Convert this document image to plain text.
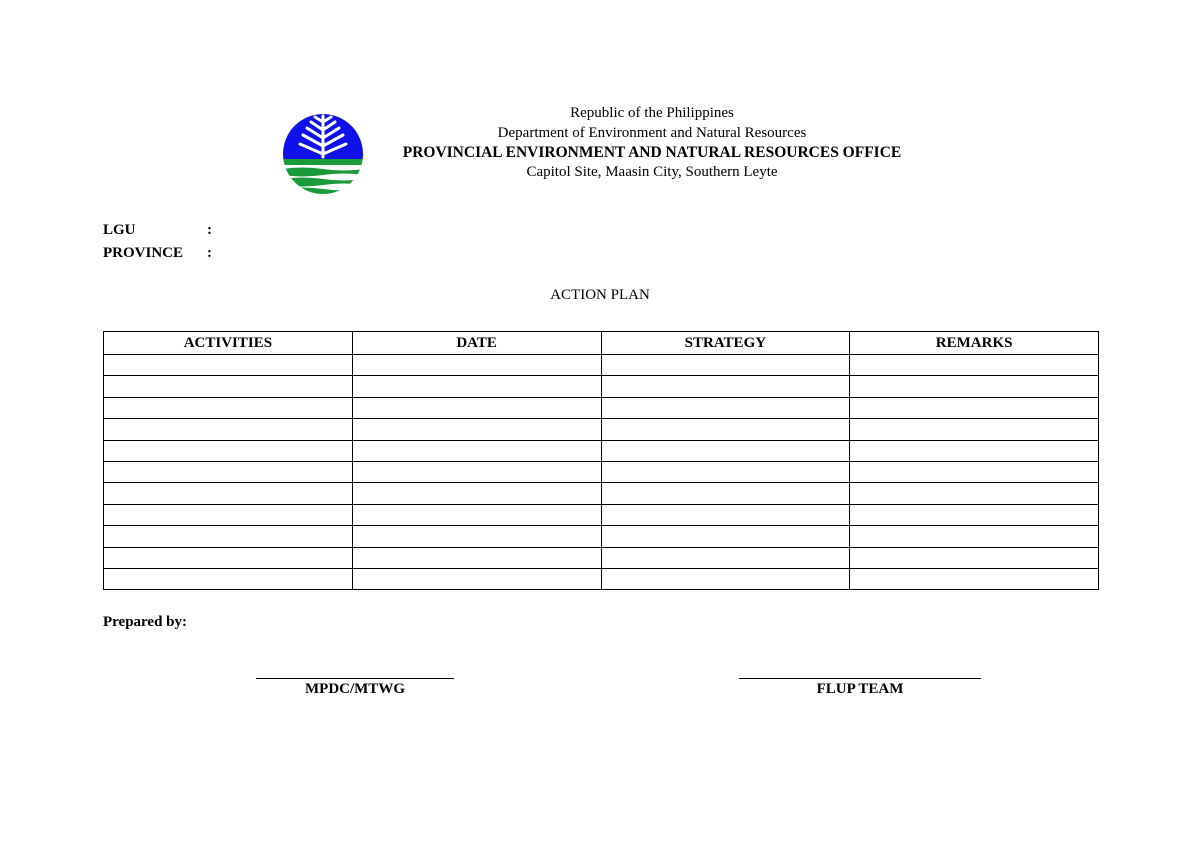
Republic of the Philippines
Department of Environment and Natural Resources
PROVINCIAL ENVIRONMENT AND NATURAL RESOURCES OFFICE
Capitol Site, Maasin City, Southern Leyte
LGU	:
PROVINCE	:
ACTION PLAN
ACTIVITIES	DATE	STRATEGY	REMARKS

Prepared by:
MPDC/MTWG	FLUP TEAM
